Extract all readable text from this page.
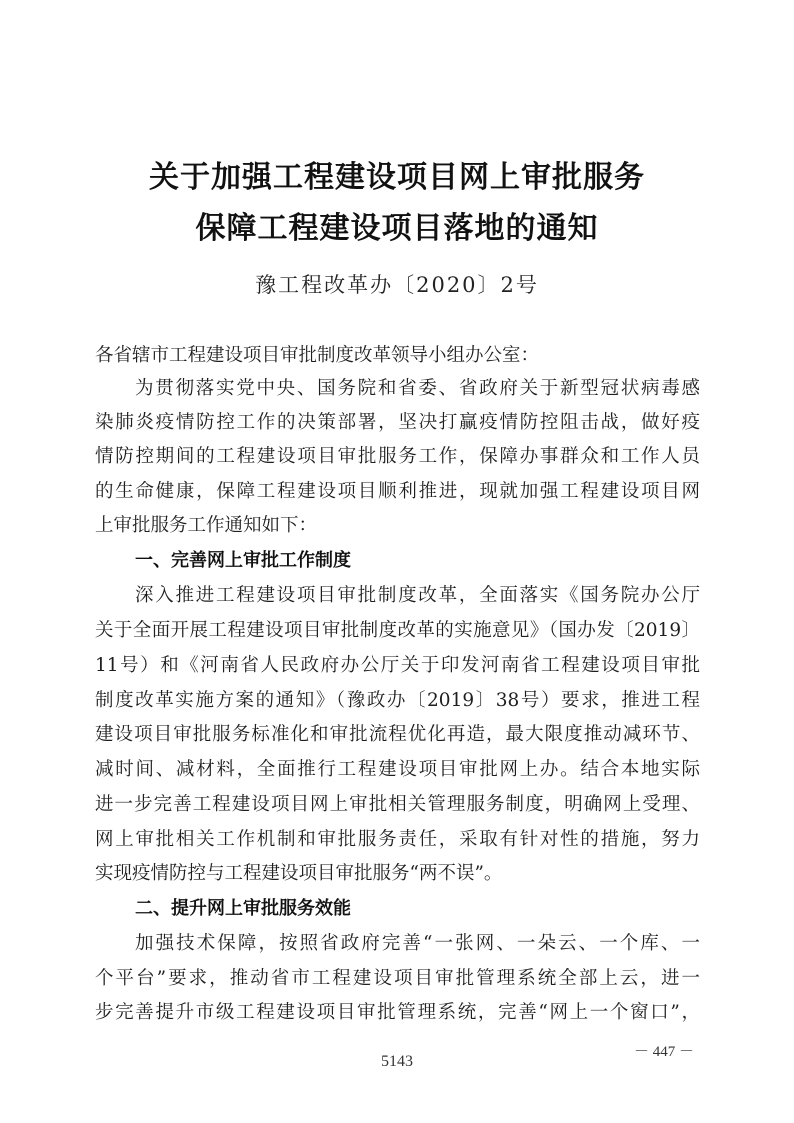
关于加强工程建设项目网上审批服务
保障工程建设项目落地的通知
豫工程改革办〔2020〕2号
各省辖市工程建设项目审批制度改革领导小组办公室：
为贯彻落实党中央、国务院和省委、省政府关于新型冠状病毒感
染肺炎疫情防控工作的决策部署，坚决打赢疫情防控阻击战，做好疫
情防控期间的工程建设项目审批服务工作，保障办事群众和工作人员
的生命健康，保障工程建设项目顺利推进，现就加强工程建设项目网
上审批服务工作通知如下：
一、完善网上审批工作制度
深入推进工程建设项目审批制度改革，全面落实《国务院办公厅
关于全面开展工程建设项目审批制度改革的实施意见》（国办发〔2019〕
11号）和《河南省人民政府办公厅关于印发河南省工程建设项目审批
制度改革实施方案的通知》（豫政办〔2019〕38号）要求，推进工程
建设项目审批服务标准化和审批流程优化再造，最大限度推动减环节、
减时间、减材料，全面推行工程建设项目审批网上办。结合本地实际
进一步完善工程建设项目网上审批相关管理服务制度，明确网上受理、
网上审批相关工作机制和审批服务责任，采取有针对性的措施，努力
实现疫情防控与工程建设项目审批服务“两不误”。
二、提升网上审批服务效能
加强技术保障，按照省政府完善“一张网、一朵云、一个库、一
个平台”要求，推动省市工程建设项目审批管理系统全部上云，进一
步完善提升市级工程建设项目审批管理系统，完善“网上一个窗口”，
－ 447 －
5143
